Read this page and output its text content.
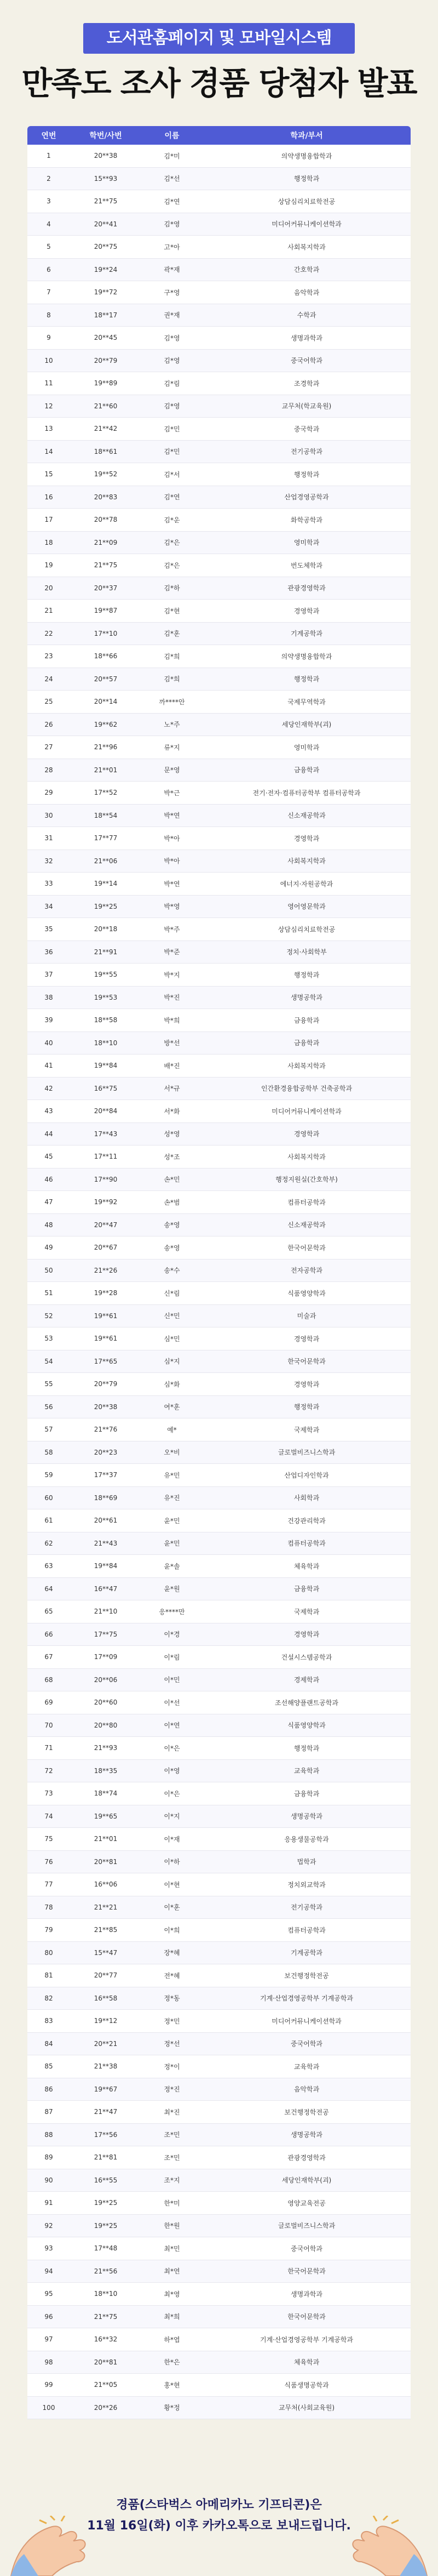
도서관홈페이지 및 모바일시스템
만족도 조사 경품 당첨자 발표
연번	학번/사번	이름	학과/부서
1	20**38	김*미	의약생명융합학과
2	15**93	김*선	행정학과
3	21**75	김*연	상담심리치료학전공
4	20**41	김*영	미디어커뮤니케이션학과
5	20**75	고*아	사회복지학과
6	19**24	곽*재	간호학과
7	19**72	구*영	음악학과
8	18**17	권*재	수학과
9	20**45	김*영	생명과학과
10	20**79	김*영	중국어학과
11	19**89	김*림	조경학과
12	21**60	김*영	교무처(학교육원)
13	21**42	김*민	중국학과
14	18**61	김*민	전기공학과
15	19**52	김*서	행정학과
16	20**83	김*연	산업경영공학과
17	20**78	김*운	화학공학과
18	21**09	김*은	영미학과
19	21**75	김*은	번도체학과
20	20**37	김*하	관광경영학과
21	19**87	김*현	경영학과
22	17**10	김*훈	기계공학과
23	18**66	김*희	의약생명융합학과
24	20**57	김*희	행정학과
25	20**14	까****안	국제무역학과
26	19**62	노*주	세당인재학부(괴)
27	21**96	류*지	영미학과
28	21**01	문*영	금융학과
29	17**52	박*근	전기·전자·컴퓨터공학부 컴퓨터공학과
30	18**54	박*연	신소재공학과
31	17**77	박*아	경영학과
32	21**06	박*아	사회복지학과
33	19**14	박*연	에너지·자원공학과
34	19**25	박*영	영어영문학과
35	20**18	박*주	상담심리치료학전공
36	21**91	박*준	정치·사회학부
37	19**55	박*지	행정학과
38	19**53	박*진	생명공학과
39	18**58	박*희	금융학과
40	18**10	방*선	금융학과
41	19**84	배*진	사회복지학과
42	16**75	서*규	인간환경융합공학부 건축공학과
43	20**84	서*화	미디어커뮤니케이션학과
44	17**43	성*영	경영학과
45	17**11	성*조	사회복지학과
46	17**90	손*민	행정지원실(간호학부)
47	19**92	손*범	컴퓨터공학과
48	20**47	송*영	신소재공학과
49	20**67	송*영	한국어문학과
50	21**26	송*수	전자공학과
51	19**28	신*림	식품영양학과
52	19**61	신*민	미술과
53	19**61	심*민	경영학과
54	17**65	심*지	한국어문학과
55	20**79	심*화	경영학과
56	20**38	여*훈	행정학과
57	21**76	예*	국제학과
58	20**23	오*비	글로벌비즈니스학과
59	17**37	유*민	산업디자인학과
60	18**69	유*진	사회학과
61	20**61	윤*민	건강관리학과
62	21**43	윤*민	컴퓨터공학과
63	19**84	윤*솔	체육학과
64	16**47	윤*원	금융학과
65	21**10	응****만	국제학과
66	17**75	이*경	경영학과
67	17**09	이*림	건설시스템공학과
68	20**06	이*민	경제학과
69	20**60	이*선	조선해양플랜트공학과
70	20**80	이*연	식품영양학과
71	21**93	이*은	행정학과
72	18**35	이*영	교육학과
73	18**74	이*은	금융학과
74	19**65	이*지	생명공학과
75	21**01	이*재	응용생물공학과
76	20**81	이*하	법학과
77	16**06	이*현	정치외교학과
78	21**21	이*훈	전기공학과
79	21**85	이*희	컴퓨터공학과
80	15**47	장*혜	기계공학과
81	20**77	전*혜	보건행정학전공
82	16**58	정*동	기계·산업경영공학부 기계공학과
83	19**12	정*민	미디어커뮤니케이션학과
84	20**21	정*선	중국어학과
85	21**38	정*이	교육학과
86	19**67	정*진	음악학과
87	21**47	최*진	보건행정학전공
88	17**56	조*민	생명공학과
89	21**81	조*민	관광경영학과
90	16**55	조*지	세당인재학부(괴)
91	19**25	한*미	영양교육전공
92	19**25	한*원	글로벌비즈니스학과
93	17**48	최*민	중국어학과
94	21**56	최*연	한국어문학과
95	18**10	최*영	생명과학과
96	21**75	최*희	한국어문학과
97	16**32	하*엽	기계·산업경영공학부 기계공학과
98	20**81	한*은	체육학과
99	21**05	홍*현	식품생명공학과
100	20**26	황*정	교무처(사회교육원)
경품(스타벅스 아메리카노 기프티콘)은
11월 16일(화) 이후 카카오톡으로 보내드립니다.
